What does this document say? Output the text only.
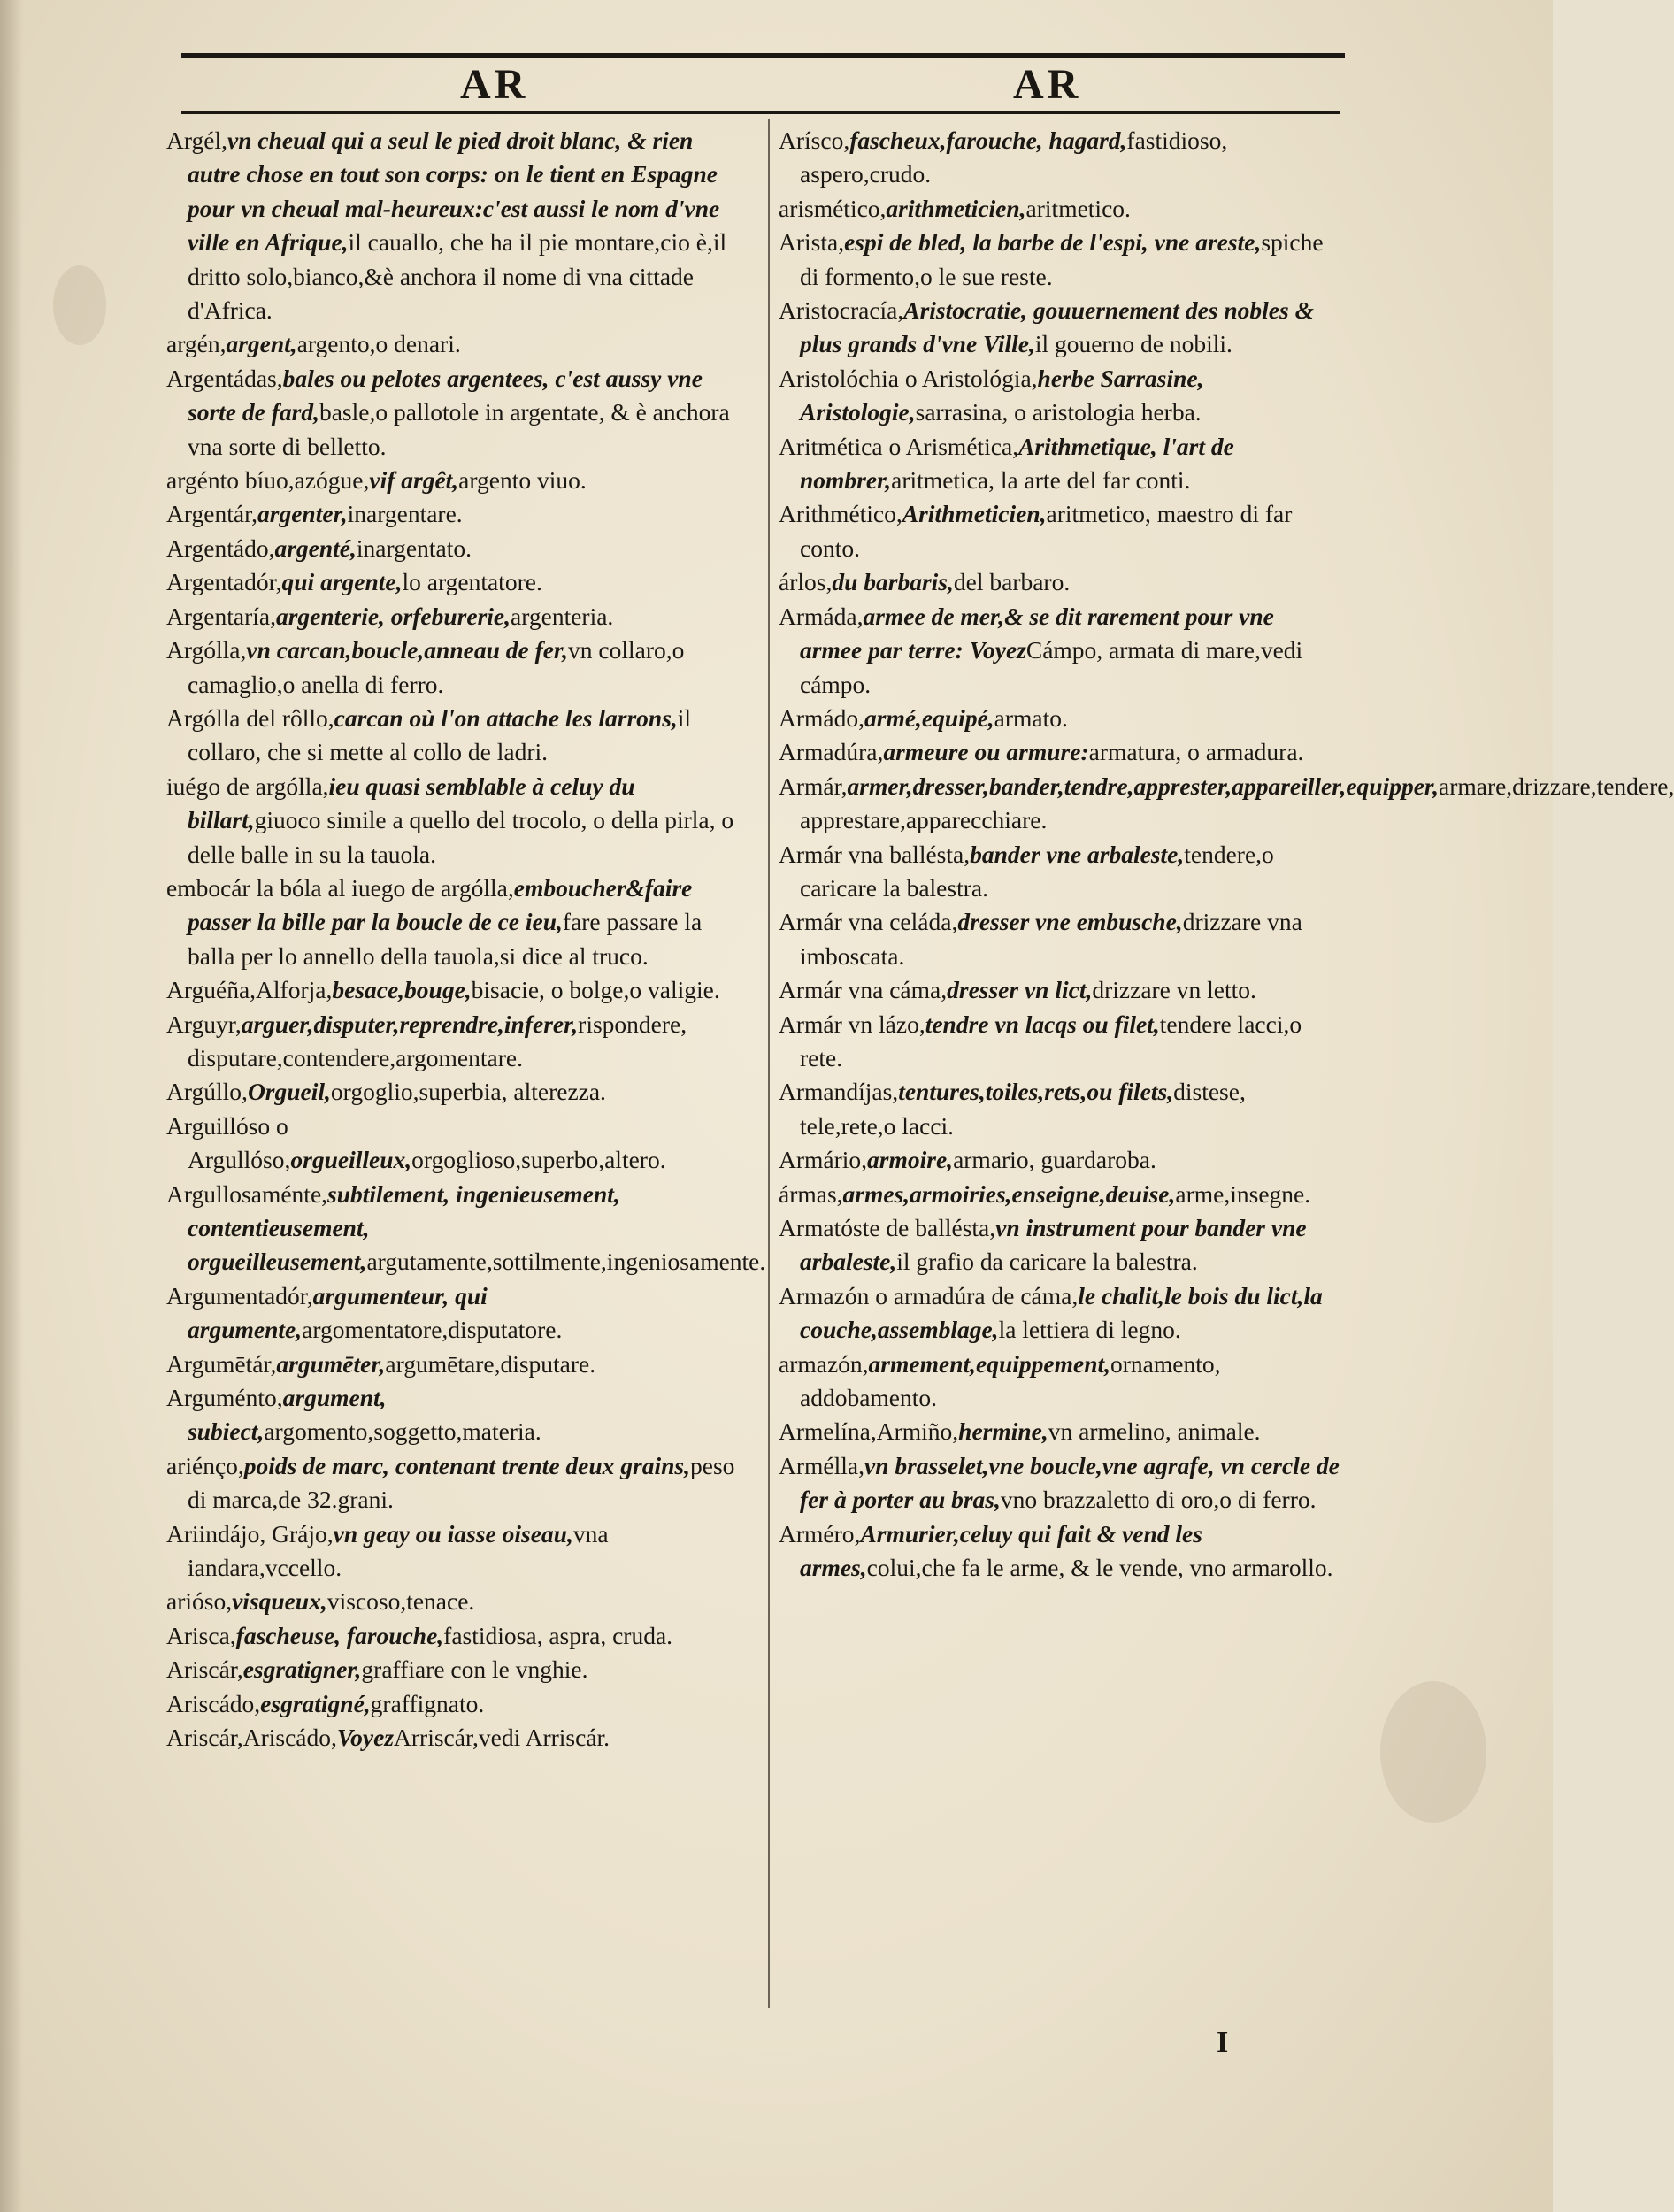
AR	AR
Argél,vn cheual qui a seul le pied droit blanc, & rien autre chose en tout son corps: on le tient en Espagne pour vn cheual mal-heureux:c'est aussi le nom d'vne ville en Afrique,il cauallo, che ha il pie montare,cio è,il dritto solo,bianco,&è anchora il nome di vna cittade d'Africa.
argén,argent,argento,o denari.
Argentádas,bales ou pelotes argentees, c'est aussy vne sorte de fard,basle,o pallotole in argentate, & è anchora vna sorte di belletto.
argénto bíuo,azógue,vif argêt,argento viuo.
Argentár,argenter,inargentare.
Argentádo,argenté,inargentato.
Argentadór,qui argente,lo argentatore.
Argentaría,argenterie, orfeburerie,argenteria.
Argólla,vn carcan,boucle,anneau de fer,vn collaro,o camaglio,o anella di ferro.
Argólla del rôllo,carcan où l'on attache les larrons,il collaro, che si mette al collo de ladri.
iuégo de argólla,ieu quasi semblable à celuy du billart,giuoco simile a quello del trocolo, o della pirla, o delle balle in su la tauola.
embocár la bóla al iuego de argólla,emboucher&faire passer la bille par la boucle de ce ieu,fare passare la balla per lo annello della tauola,si dice al truco.
Arguéña,Alforja,besace,bouge,bisacie, o bolge,o valigie.
Arguyr,arguer,disputer,reprendre,inferer,rispondere, disputare,contendere,argomentare.
Argúllo,Orgueil,orgoglio,superbia, alterezza.
Arguillóso o Argullóso,orgueilleux,orgoglioso,superbo,altero.
Argullosaménte,subtilement, ingenieusement, contentieusement, orgueilleusement,argutamente,sottilmente,ingeniosamente.
Argumentadór,argumenteur, qui argumente,argomentatore,disputatore.
Argumētár,argumēter,argumētare,disputare.
Arguménto,argument, subiect,argomento,soggetto,materia.
ariénço,poids de marc, contenant trente deux grains,peso di marca,de 32.grani.
Ariindájo, Grájo,vn geay ou iasse oiseau,vna iandara,vccello.
arióso,visqueux,viscoso,tenace.
Arisca,fascheuse, farouche,fastidiosa, aspra, cruda.
Ariscár,esgratigner,graffiare con le vnghie.
Ariscádo,esgratigné,graffignato.
Ariscár,Ariscádo,VoyezArriscár,vedi Arriscár.
Arísco,fascheux,farouche, hagard,fastidioso, aspero,crudo.
arisméticо,arithmeticien,aritmetico.
Arista,espi de bled, la barbe de l'espi, vne areste,spiche di formento,o le sue reste.
Aristocracía,Aristocratie, gouuernement des nobles & plus grands d'vne Ville,il gouerno de nobili.
Aristolóchia o Aristológia,herbe Sarrasine, Aristologie,sarrasina, o aristologia herba.
Aritmética o Arismética,Arithmetique, l'art de nombrer,aritmetica, la arte del far conti.
Arithmético,Arithmeticien,aritmetico, maestro di far conto.
árlos,du barbaris,del barbaro.
Armáda,armee de mer,& se dit rarement pour vne armee par terre: VoyezCámpo, armata di mare,vedi cámpo.
Armádo,armé,equipé,armato.
Armadúra,armeure ou armure:armatura, o armadura.
Armár,armer,dresser,bander,tendre,apprester,appareiller,equipper,armare,drizzare,tendere, apprestare,apparecchiare.
Armár vna ballésta,bander vne arbaleste,tendere,o caricare la balestra.
Armár vna celáda,dresser vne embusche,drizzare vna imboscata.
Armár vna cáma,dresser vn lict,drizzare vn letto.
Armár vn lázo,tendre vn lacqs ou filet,tendere lacci,o rete.
Armandíjas,tentures,toiles,rets,ou filets,distese, tele,rete,o lacci.
Armário,armoire,armario, guardaroba.
ármas,armes,armoiries,enseigne,deuise,arme,insegne.
Armatóste de ballésta,vn instrument pour bander vne arbaleste,il grafio da caricare la balestra.
Armazón o armadúra de cáma,le chalit,le bois du lict,la couche,assemblage,la lettiera di legno.
armazón,armement,equippement,ornamento, addobamento.
Armelína,Armiño,hermine,vn armelino, animale.
Arméllа,vn brasselet,vne boucle,vne agrafe, vn cercle de fer à porter au bras,vno brazzaletto di oro,o di ferro.
Arméro,Armurier,celuy qui fait & vend les armes,colui,che fa le arme, & le vende, vno armarollo.
I
